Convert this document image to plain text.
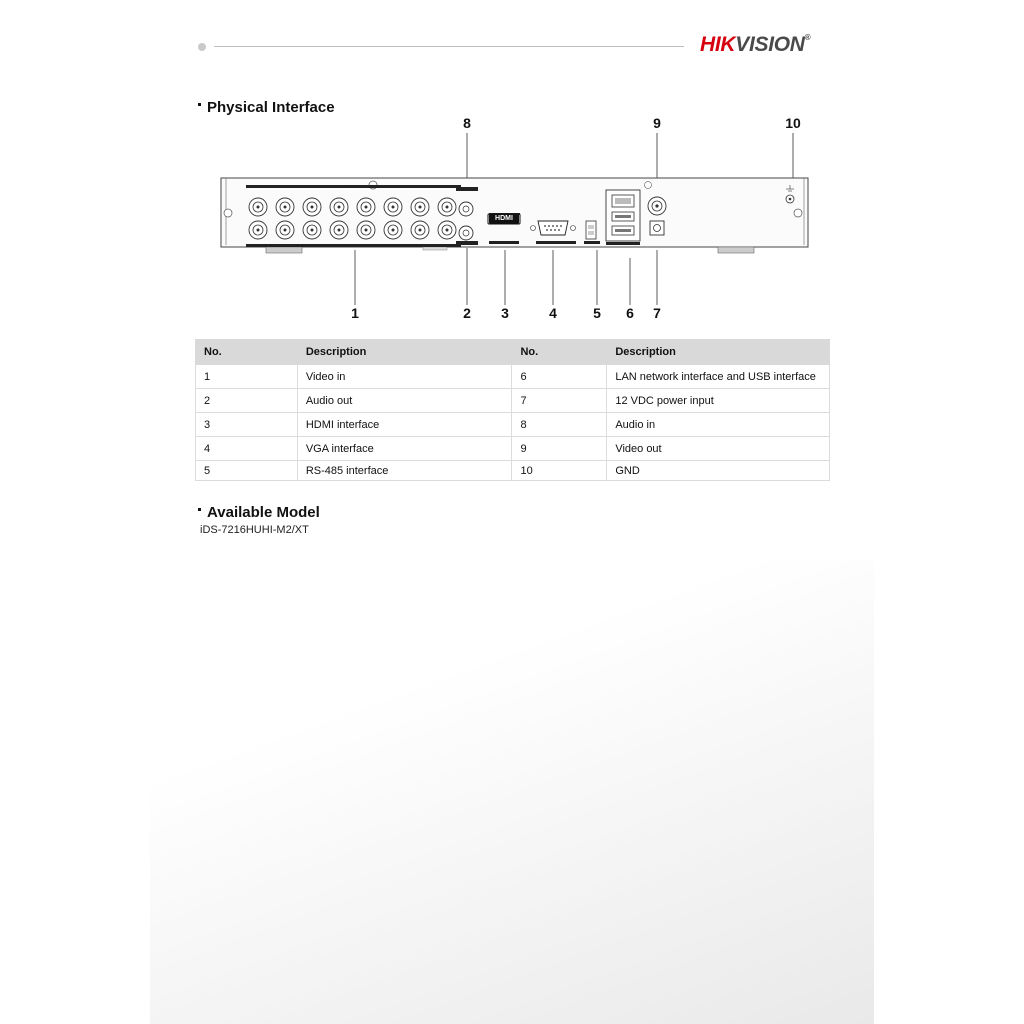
HIKVISION®
Physical Interface
8	9	10
VIDEO IN
HDMI
1	2	3	4	5	6	7
No.	Description	No.	Description
1	Video in	6	LAN network interface and USB interface
2	Audio out	7	12 VDC power input
3	HDMI interface	8	Audio in
4	VGA interface	9	Video out
5	RS-485 interface	10	GND
Available Model
iDS-7216HUHI-M2/XT
